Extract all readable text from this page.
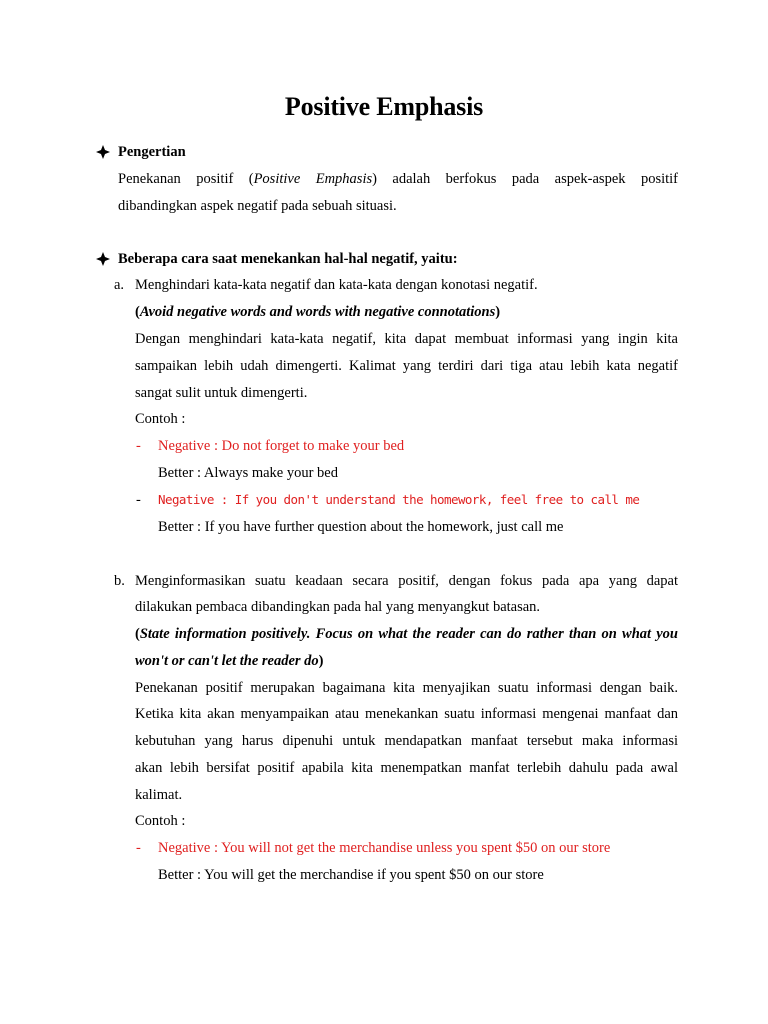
Positive Emphasis
Pengertian
Penekanan positif (Positive Emphasis) adalah berfokus pada aspek-aspek positif
dibandingkan aspek negatif pada sebuah situasi.
Beberapa cara saat menekankan hal-hal negatif, yaitu:
a. Menghindari kata-kata negatif dan kata-kata dengan konotasi negatif.
(Avoid negative words and words with negative connotations)
Dengan menghindari kata-kata negatif, kita dapat membuat informasi yang ingin kita
sampaikan lebih udah dimengerti. Kalimat yang terdiri dari tiga atau lebih kata negatif
sangat sulit untuk dimengerti.
Contoh :
- Negative : Do not forget to make your bed
Better : Always make your bed
- Negative : If you don't understand the homework, feel free to call me
Better : If you have further question about the homework, just call me
b. Menginformasikan suatu keadaan secara positif, dengan fokus pada apa yang dapat
dilakukan pembaca dibandingkan pada hal yang menyangkut batasan.
(State information positively. Focus on what the reader can do rather than on what you
won't or can't let the reader do)
Penekanan positif merupakan bagaimana kita menyajikan suatu informasi dengan baik.
Ketika kita akan menyampaikan atau menekankan suatu informasi mengenai manfaat dan
kebutuhan yang harus dipenuhi untuk mendapatkan manfaat tersebut maka informasi
akan lebih bersifat positif apabila kita menempatkan manfat terlebih dahulu pada awal
kalimat.
Contoh :
- Negative : You will not get the merchandise unless you spent $50 on our store
Better : You will get the merchandise if you spent $50 on our store
